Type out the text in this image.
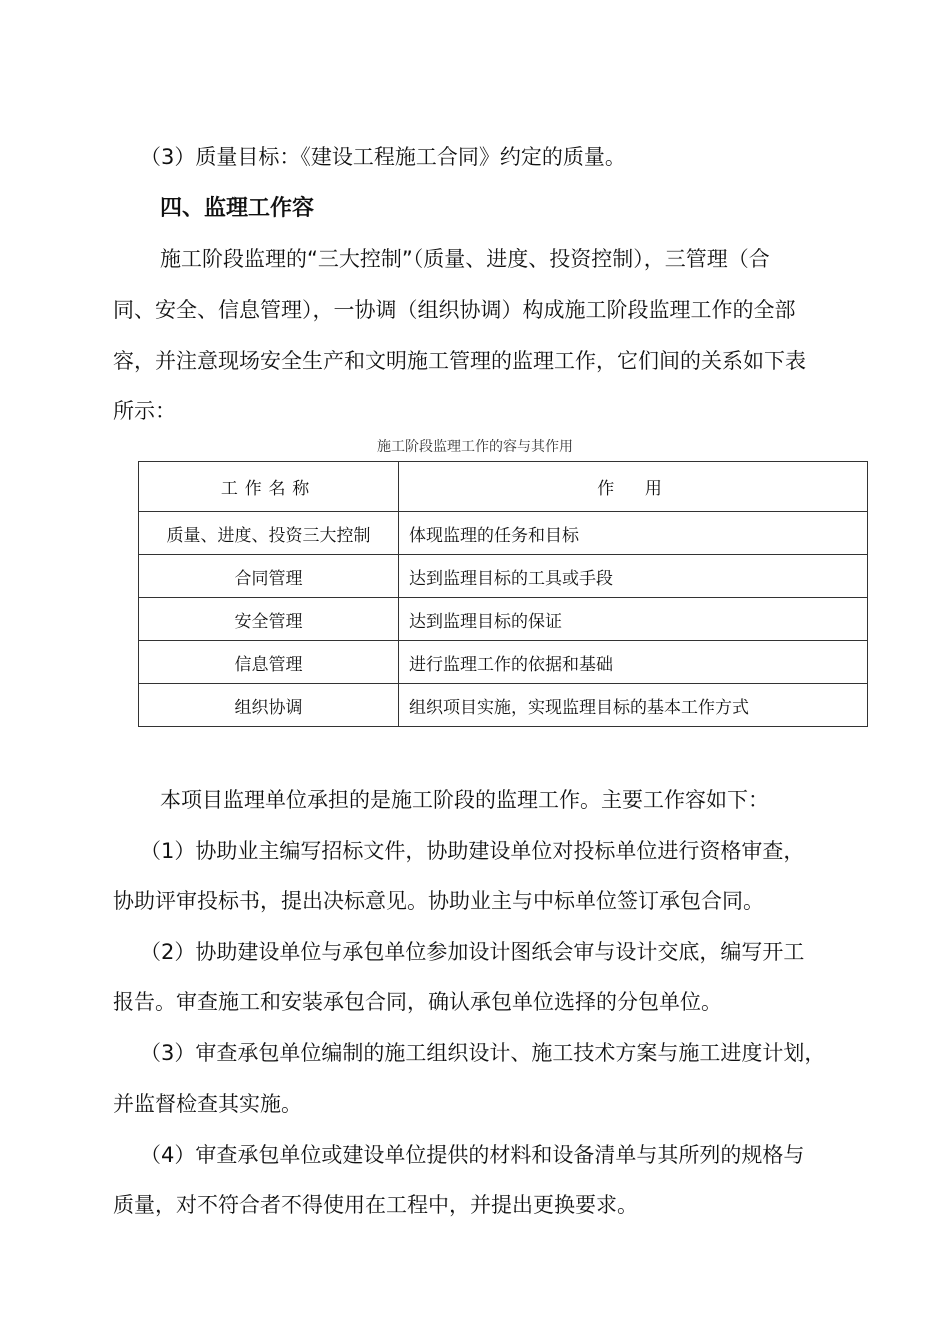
（3）质量目标：《建设工程施工合同》约定的质量。
四、监理工作容
施工阶段监理的“三大控制”（质量、进度、投资控制），三管理（合
同、安全、信息管理），一协调（组织协调）构成施工阶段监理工作的全部
容，并注意现场安全生产和文明施工管理的监理工作，它们间的关系如下表
所示：
施工阶段监理工作的容与其作用
工作名称	作　用
质量、进度、投资三大控制	体现监理的任务和目标
合同管理	达到监理目标的工具或手段
安全管理	达到监理目标的保证
信息管理	进行监理工作的依据和基础
组织协调	组织项目实施，实现监理目标的基本工作方式
本项目监理单位承担的是施工阶段的监理工作。主要工作容如下：
（1）协助业主编写招标文件，协助建设单位对投标单位进行资格审查，
协助评审投标书，提出决标意见。协助业主与中标单位签订承包合同。
（2）协助建设单位与承包单位参加设计图纸会审与设计交底，编写开工
报告。审查施工和安装承包合同，确认承包单位选择的分包单位。
（3）审查承包单位编制的施工组织设计、施工技术方案与施工进度计划，
并监督检查其实施。
（4）审查承包单位或建设单位提供的材料和设备清单与其所列的规格与
质量，对不符合者不得使用在工程中，并提出更换要求。
